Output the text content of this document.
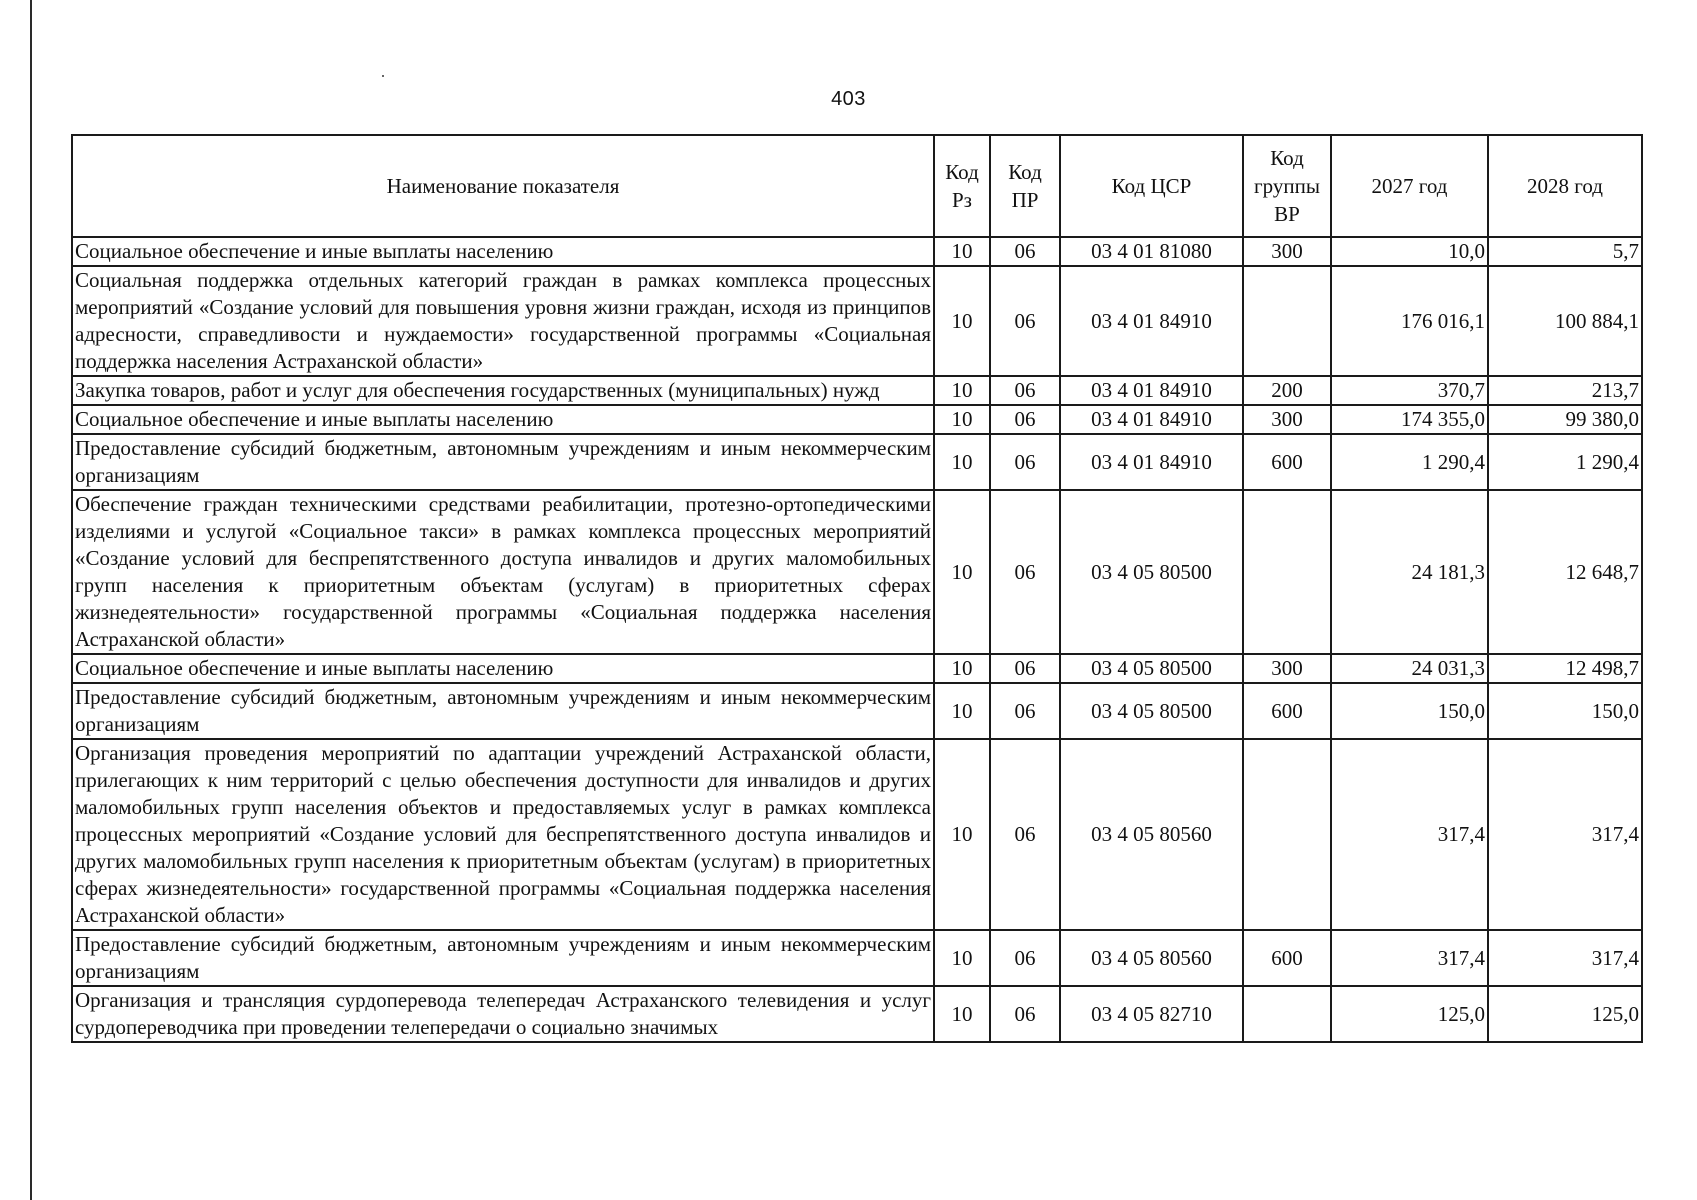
403
Наименование показателя	Код Рз	Код ПР	Код ЦСР	Код группы ВР	2027 год	2028 год
Социальное обеспечение и иные выплаты населению	10	06	03 4 01 81080	300	10,0	5,7
Социальная поддержка отдельных категорий граждан в рамках комплекса процессных мероприятий «Создание условий для повышения уровня жизни граждан, исходя из принципов адресности, справедливости и нуждаемости» государственной программы «Социальная поддержка населения Астраханской области»	10	06	03 4 01 84910		176 016,1	100 884,1
Закупка товаров, работ и услуг для обеспечения государственных (муниципальных) нужд	10	06	03 4 01 84910	200	370,7	213,7
Социальное обеспечение и иные выплаты населению	10	06	03 4 01 84910	300	174 355,0	99 380,0
Предоставление субсидий бюджетным, автономным учреждениям и иным некоммерческим организациям	10	06	03 4 01 84910	600	1 290,4	1 290,4
Обеспечение граждан техническими средствами реабилитации, протезно-ортопедическими изделиями и услугой «Социальное такси» в рамках комплекса процессных мероприятий «Создание условий для беспрепятственного доступа инвалидов и других маломобильных групп населения к приоритетным объектам (услугам) в приоритетных сферах жизнедеятельности» государственной программы «Социальная поддержка населения Астраханской области»	10	06	03 4 05 80500		24 181,3	12 648,7
Социальное обеспечение и иные выплаты населению	10	06	03 4 05 80500	300	24 031,3	12 498,7
Предоставление субсидий бюджетным, автономным учреждениям и иным некоммерческим организациям	10	06	03 4 05 80500	600	150,0	150,0
Организация проведения мероприятий по адаптации учреждений Астраханской области, прилегающих к ним территорий с целью обеспечения доступности для инвалидов и других маломобильных групп населения объектов и предоставляемых услуг в рамках комплекса процессных мероприятий «Создание условий для беспрепятственного доступа инвалидов и других маломобильных групп населения к приоритетным объектам (услугам) в приоритетных сферах жизнедеятельности» государственной программы «Социальная поддержка населения Астраханской области»	10	06	03 4 05 80560		317,4	317,4
Предоставление субсидий бюджетным, автономным учреждениям и иным некоммерческим организациям	10	06	03 4 05 80560	600	317,4	317,4
Организация и трансляция сурдоперевода телепередач Астраханского телевидения и услуг сурдопереводчика при проведении телепередачи о социально значимых	10	06	03 4 05 82710		125,0	125,0
